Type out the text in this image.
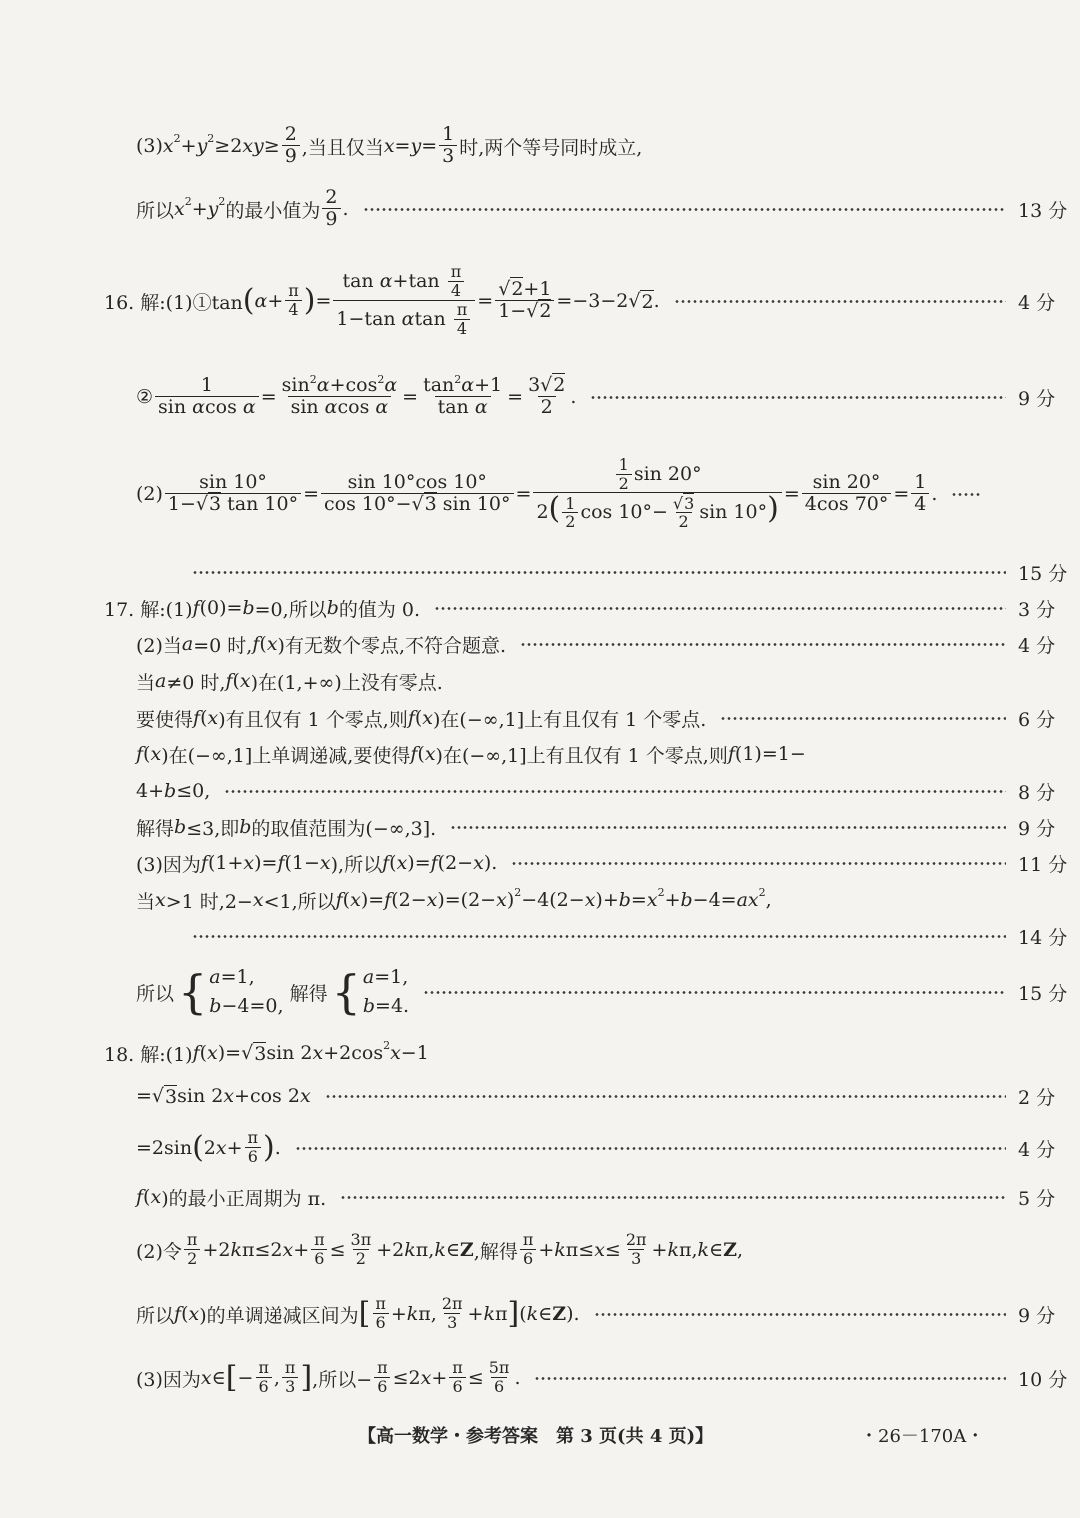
(3) $x^2 + y^2 \ge 2$ xy ≥ $\frac{2}{9}$ ,当且仅当 $x = y = \frac{1}{3}$ 时,两个等号同时成立,
所以 $x^2 + y^2$ 的最小值为 $\frac{2}{9}$ .	13 分
16. 解:(1)①tan ( $\alpha + \frac{\pi}{4}$ ) = $\frac{\tan \alpha+\tan \frac{\pi}{4}}{1-\tan \alpha\tan \frac{\pi}{4}} = \frac{√2+1}{1-√2} =-3-2√$ 2 .	4 分
② $\frac{1}{\text{sin αcos α}} = \frac{\sin^2\alpha+\cos^2\alpha}{\text{sin αcos α}} = \frac{\tan^2\alpha+1}{\text{tan α}} = \frac{3√2}{2}$ .	9 分
$(2) \frac{\sin 10^\circ}{1-√3 \tan 10^\circ} = \frac{\sin 10^\circ\cos 10^\circ}{\cos 10^\circ-√3 \sin 10^\circ} = \frac{\frac{1}{2} \sin 20^\circ}{2( \frac{1}{2} \cos 10^\circ- \frac{√3}{2} \sin 10^\circ)} = \frac{\sin 20^\circ}{4\cos 70^\circ} = \frac{1}{4}$ .
15 分
17. 解:(1) f (0)= b =0,所以 b 的值为 0.	3 分
(2)当 a =0 时, f ( x )有无数个零点,不符合题意.	4 分
当 a ≠0 时, f ( x )在(1,+∞)上没有零点.
要使得 f ( x )有且仅有 1 个零点,则 f ( x )在(−∞,1]上有且仅有 1 个零点.	6 分
f ( x )在(−∞,1]上单调递减,要使得 f ( x )在(−∞,1]上有且仅有 1 个零点,则 f (1)=1−
4+ b ≤0,	8 分
解得 b ≤3,即 b 的取值范围为(−∞,3].	9 分
(3)因为 f (1+ x )= f (1− x ),所以 f ( x )= f (2− x ).	11 分
当 x >1 时,2− x <1,所以 f ( x )= f (2− x )=(2− x )$^2$ −4(2− x )+ $b = x^2 + b -4= ax^2$ ,
14 分
所以 { a=1,
b−4=0,
解得 { a=1,
b=4.
15 分
18. 解:(1) f ( x )=√ 3 sin 2 $x +2\cos^2$ x −1
=√ 3 sin 2 x +cos 2 x	2 分
=2sin ( 2 $x + \frac{\pi}{6}$ ) .	4 分
f ( x )的最小正周期为 π.	5 分
(2)令 $\frac{\pi}{2} +2$ k π≤2 $x + \frac{\pi}{6} \le \frac{3\pi}{2} +2$ k π, k ∈ Z ,解得 $\frac{\pi}{6} + k$ $\pi\le x \le \frac{2\pi}{3} + k$ π, k ∈ Z ,
所以 f ( x )的单调递减区间为 [ $\frac{\pi}{6} + k$ π, $\frac{2\pi}{3} + k$ π ] ( k ∈ Z ).	9 分
(3)因为 x ∈ [ − $\frac{\pi}{6}$ , $\frac{\pi}{3}$ ] ,所以− $\frac{\pi}{6} \le 2$ $x + \frac{\pi}{6} \le \frac{5\pi}{6}$ .	10 分
【高一数学・参考答案　第 3 页(共 4 页)】	・26－170A・
